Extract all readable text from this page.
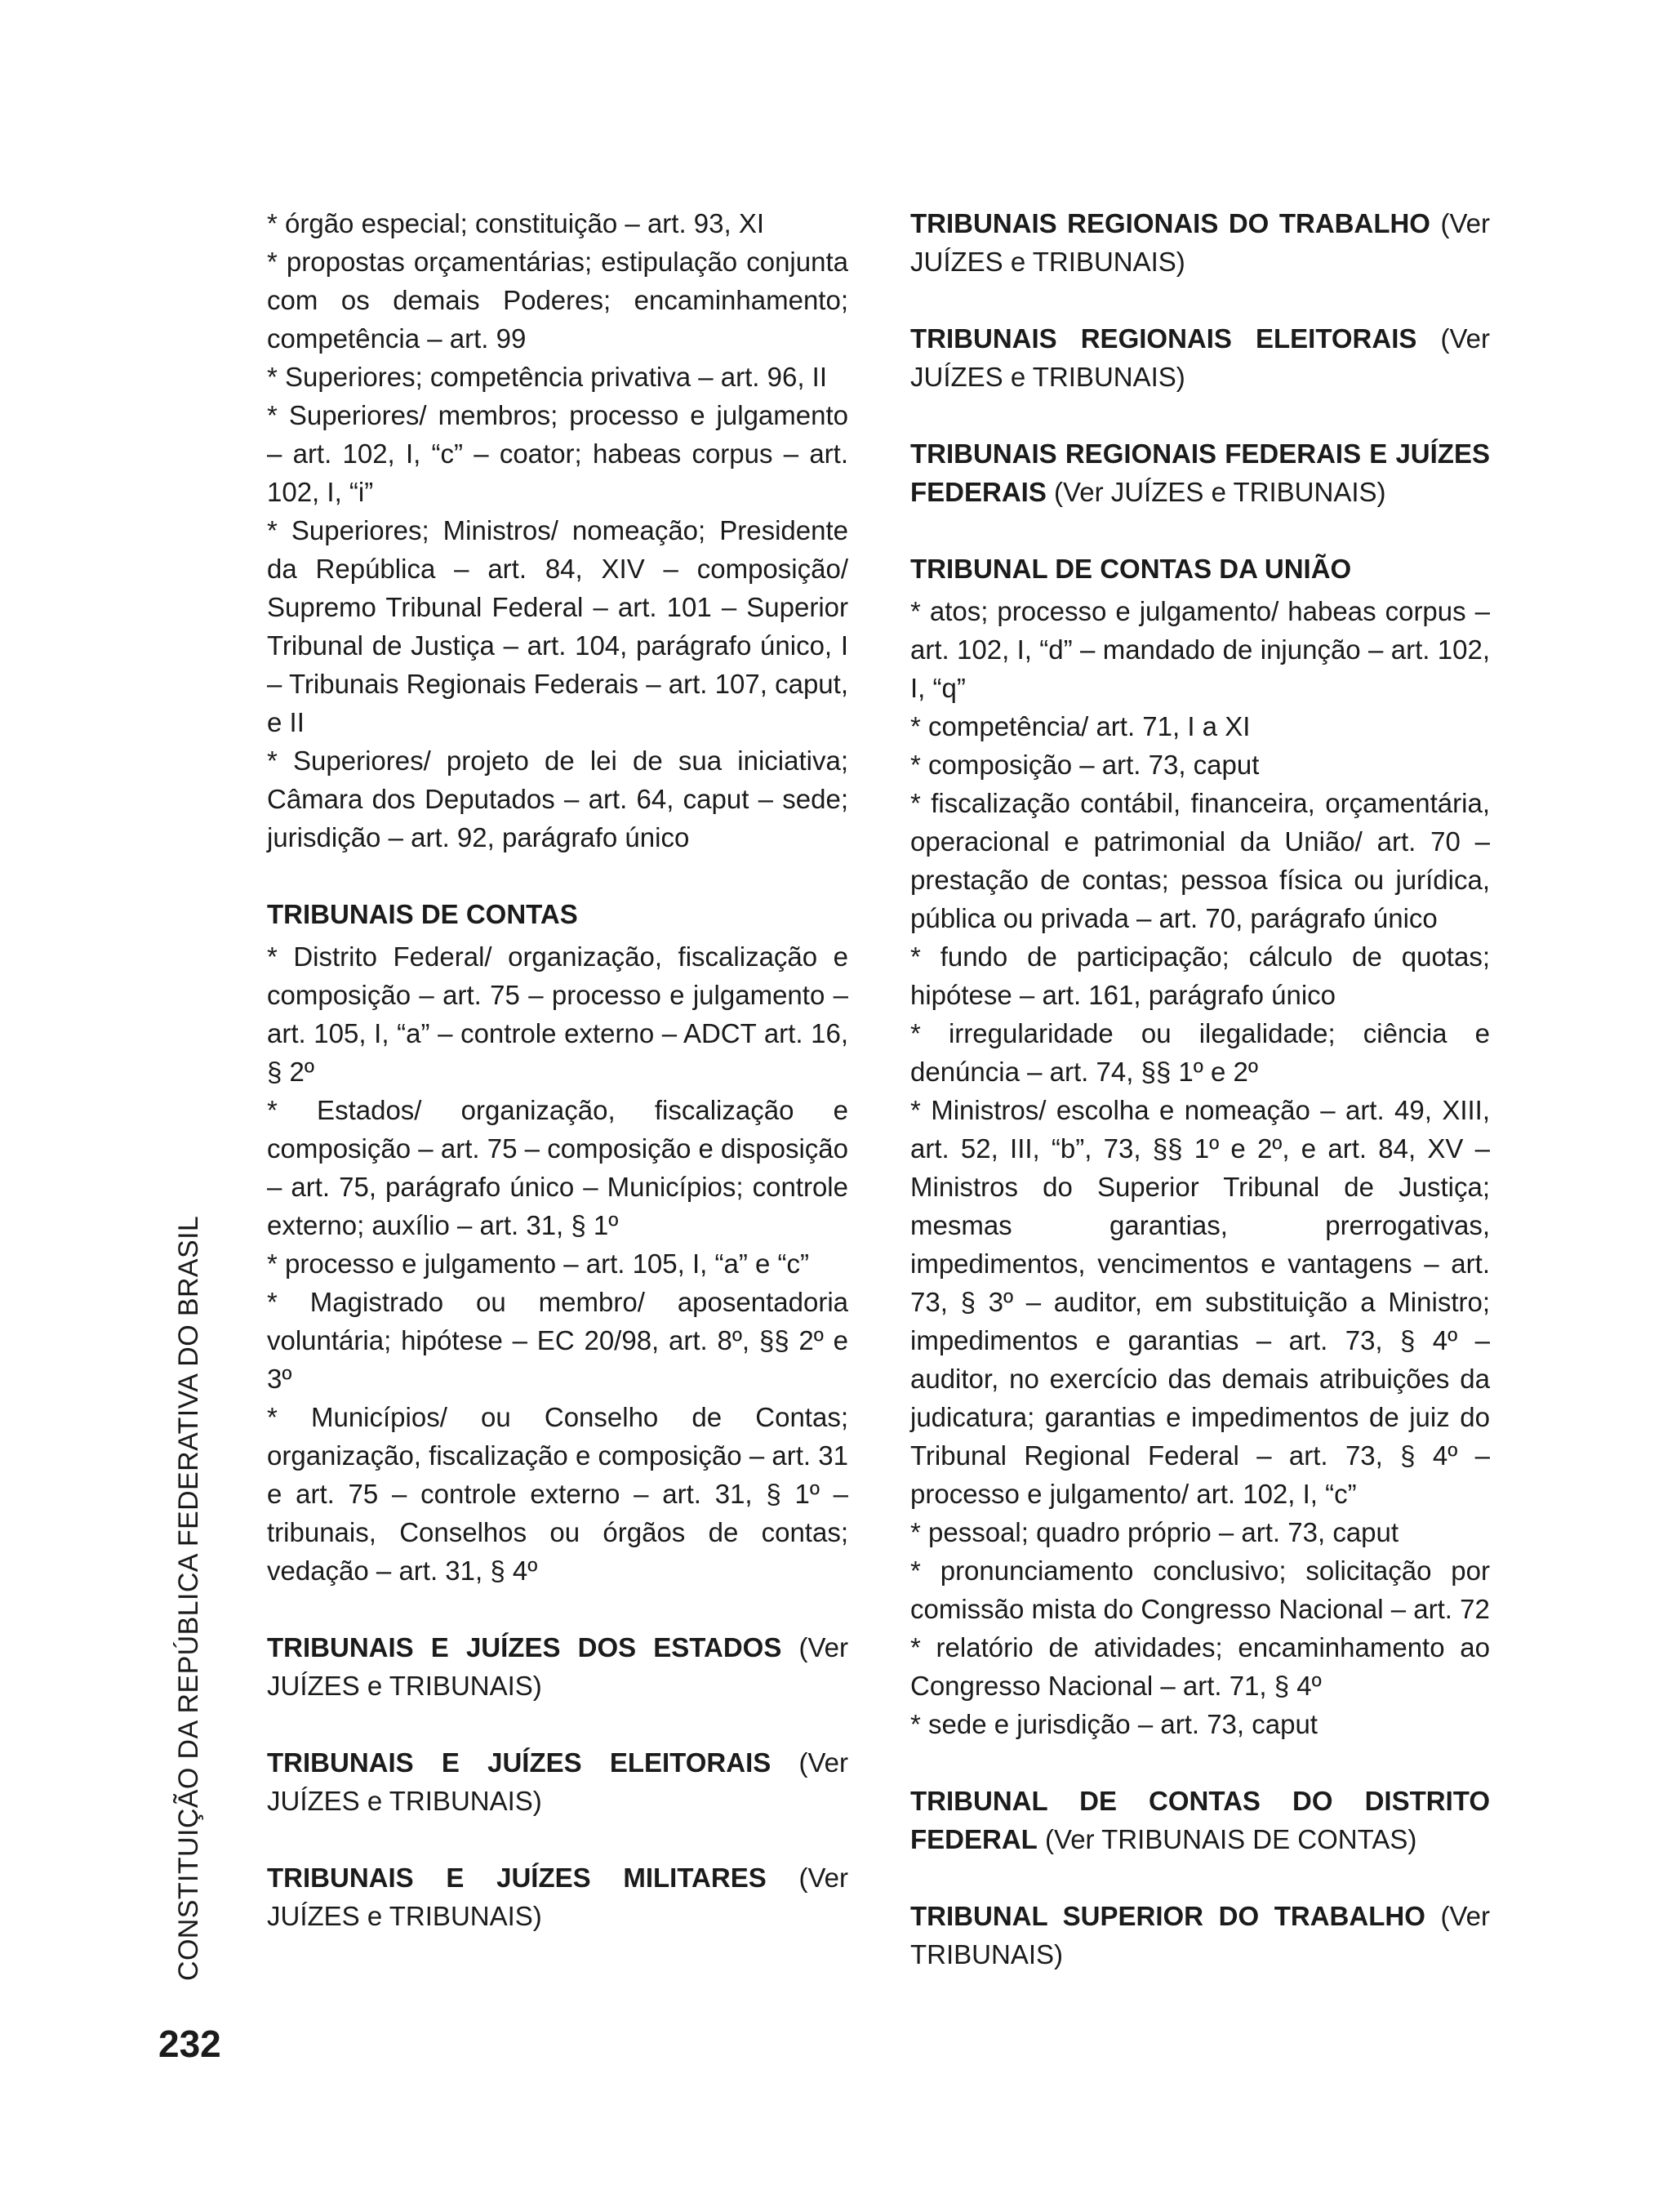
CONSTITUIÇÃO DA REPÚBLICA FEDERATIVA DO BRASIL
232

* órgão especial; constituição – art. 93, XI

* propostas orçamentárias; estipulação conjunta com os demais Poderes; encaminhamento; competência – art. 99

* Superiores; competência privativa – art. 96, II

* Superiores/ membros; processo e julgamento – art. 102, I, “c” – coator; habeas corpus – art. 102, I, “i”

* Superiores; Ministros/ nomeação; Presidente da República – art. 84, XIV – composição/ Supremo Tribunal Federal – art. 101 – Superior Tribunal de Justiça – art. 104, parágrafo único, I – Tribunais Regionais Federais – art. 107, caput, e II

* Superiores/ projeto de lei de sua iniciativa; Câmara dos Deputados – art. 64, caput – sede; jurisdição – art. 92, parágrafo único

TRIBUNAIS DE CONTAS

* Distrito Federal/ organização, fiscalização e composição – art. 75 – processo e julgamento – art. 105, I, “a” – controle externo – ADCT art. 16, § 2º

* Estados/ organização, fiscalização e composição – art. 75 – composição e disposição – art. 75, parágrafo único – Municípios; controle externo; auxílio – art. 31, § 1º

* processo e julgamento – art. 105, I, “a” e “c”

* Magistrado ou membro/ aposentadoria voluntária; hipótese – EC 20/98, art. 8º, §§ 2º e 3º

* Municípios/ ou Conselho de Contas; organização, fiscalização e composição – art. 31 e art. 75 – controle externo – art. 31, § 1º – tribunais, Conselhos ou órgãos de contas; vedação – art. 31, § 4º

TRIBUNAIS E JUÍZES DOS ESTADOS (Ver JUÍZES e TRIBUNAIS)

TRIBUNAIS E JUÍZES ELEITORAIS (Ver JUÍZES e TRIBUNAIS)

TRIBUNAIS E JUÍZES MILITARES (Ver JUÍZES e TRIBUNAIS)

TRIBUNAIS REGIONAIS DO TRABALHO (Ver JUÍZES e TRIBUNAIS)

TRIBUNAIS REGIONAIS ELEITORAIS (Ver JUÍZES e TRIBUNAIS)

TRIBUNAIS REGIONAIS FEDERAIS E JUÍZES FEDERAIS (Ver JUÍZES e TRIBUNAIS)

TRIBUNAL DE CONTAS DA UNIÃO

* atos; processo e julgamento/ habeas corpus – art. 102, I, “d” – mandado de injunção – art. 102, I, “q”

* competência/ art. 71, I a XI

* composição – art. 73, caput

* fiscalização contábil, financeira, orçamentária, operacional e patrimonial da União/ art. 70 – prestação de contas; pessoa física ou jurídica, pública ou privada – art. 70, parágrafo único

* fundo de participação; cálculo de quotas; hipótese – art. 161, parágrafo único

* irregularidade ou ilegalidade; ciência e denúncia – art. 74, §§ 1º e 2º

* Ministros/ escolha e nomeação – art. 49, XIII, art. 52, III, “b”, 73, §§ 1º e 2º, e art. 84, XV – Ministros do Superior Tribunal de Justiça; mesmas garantias, prerrogativas, impedimentos, vencimentos e vantagens – art. 73, § 3º – auditor, em substituição a Ministro; impedimentos e garantias – art. 73, § 4º – auditor, no exercício das demais atribuições da judicatura; garantias e impedimentos de juiz do Tribunal Regional Federal – art. 73, § 4º – processo e julgamento/ art. 102, I, “c”

* pessoal; quadro próprio – art. 73, caput

* pronunciamento conclusivo; solicitação por comissão mista do Congresso Nacional – art. 72

* relatório de atividades; encaminhamento ao Congresso Nacional – art. 71, § 4º

* sede e jurisdição – art. 73, caput

TRIBUNAL DE CONTAS DO DISTRITO FEDERAL (Ver TRIBUNAIS DE CONTAS)

TRIBUNAL SUPERIOR DO TRABALHO (Ver TRIBUNAIS)
